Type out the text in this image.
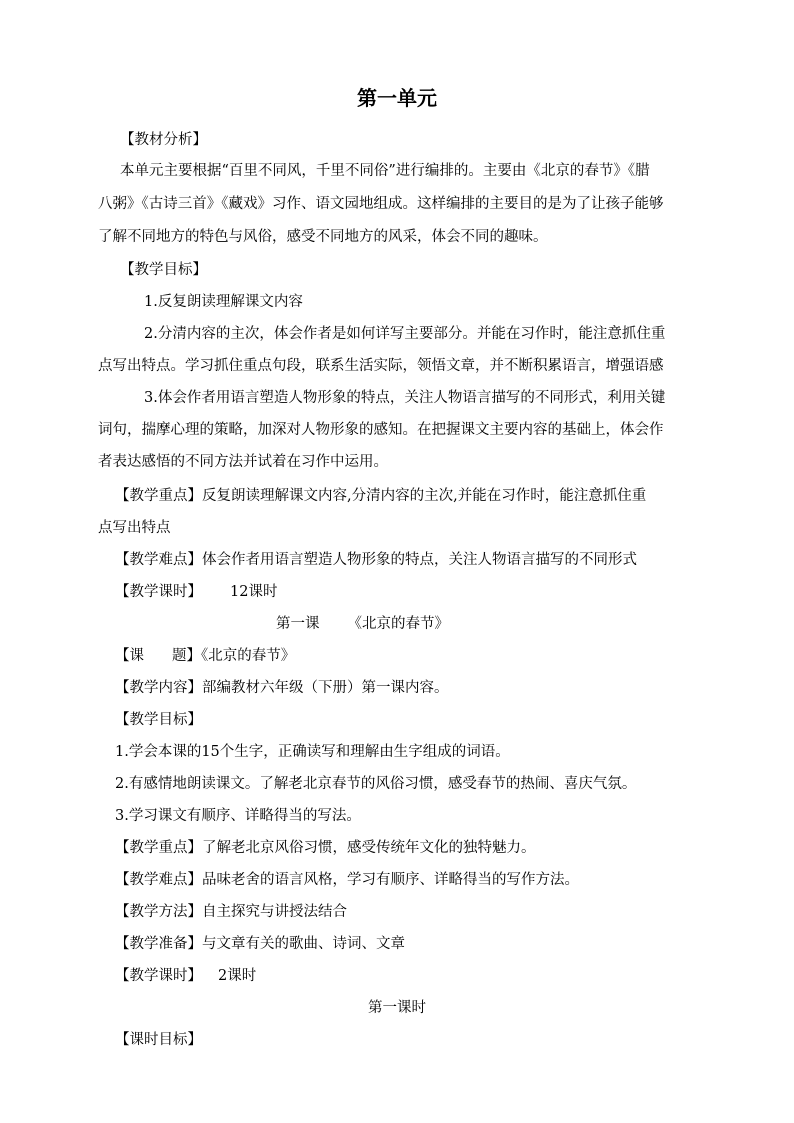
第一单元
【教材分析】
本单元主要根据“百里不同风，千里不同俗”进行编排的。主要由《北京的春节》《腊
八粥》《古诗三首》《藏戏》习作、语文园地组成。这样编排的主要目的是为了让孩子能够
了解不同地方的特色与风俗，感受不同地方的风采，体会不同的趣味。
【教学目标】
1.反复朗读理解课文内容
2.分清内容的主次，体会作者是如何详写主要部分。并能在习作时，能注意抓住重
点写出特点。学习抓住重点句段，联系生活实际，领悟文章，并不断积累语言，增强语感
3.体会作者用语言塑造人物形象的特点，关注人物语言描写的不同形式，利用关键
词句，揣摩心理的策略，加深对人物形象的感知。在把握课文主要内容的基础上，体会作
者表达感悟的不同方法并试着在习作中运用。
【教学重点】反复朗读理解课文内容,分清内容的主次,并能在习作时，能注意抓住重
点写出特点
【教学难点】体会作者用语言塑造人物形象的特点，关注人物语言描写的不同形式
【教学课时】 12课时
第一课 《北京的春节》
【课 题】《北京的春节》
【教学内容】部编教材六年级（下册）第一课内容。
【教学目标】
1.学会本课的15个生字，正确读写和理解由生字组成的词语。
2.有感情地朗读课文。了解老北京春节的风俗习惯，感受春节的热闹、喜庆气氛。
3.学习课文有顺序、详略得当的写法。
【教学重点】了解老北京风俗习惯，感受传统年文化的独特魅力。
【教学难点】品味老舍的语言风格，学习有顺序、详略得当的写作方法。
【教学方法】自主探究与讲授法结合
【教学准备】与文章有关的歌曲、诗词、文章
【教学课时】 2课时
第一课时
【课时目标】
